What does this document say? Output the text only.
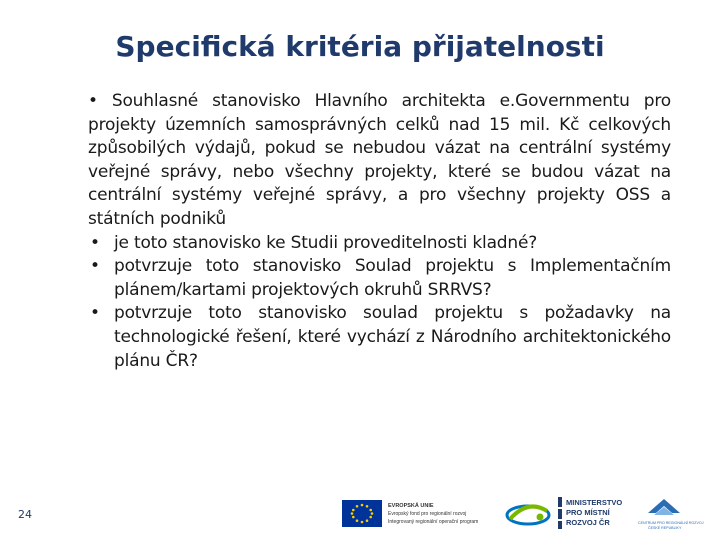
Specifická kritéria přijatelnosti

• Souhlasné stanovisko Hlavního architekta e.Governmentu pro projekty územních samosprávných celků nad 15 mil. Kč celkových způsobilých výdajů, pokud se nebudou vázat na centrální systémy veřejné správy, nebo všechny projekty, které se budou vázat na centrální systémy veřejné správy, a pro všechny projekty OSS a státních podniků

• je toto stanovisko ke Studii proveditelnosti kladné?

• potvrzuje toto stanovisko Soulad projektu s Implementačním plánem/kartami projektových okruhů SRRVS?

• potvrzuje toto stanovisko soulad projektu s požadavky na technologické řešení, které vychází z Národního architektonického plánu ČR?

24
EVROPSKÁ UNIE
Evropský fond pro regionální rozvoj
Integrovaný regionální operační program
MINISTERSTVO
PRO MÍSTNÍ
ROZVOJ ČR	CENTRUM PRO REGIONÁLNÍ ROZVOJ
ČESKÉ REPUBLIKY
